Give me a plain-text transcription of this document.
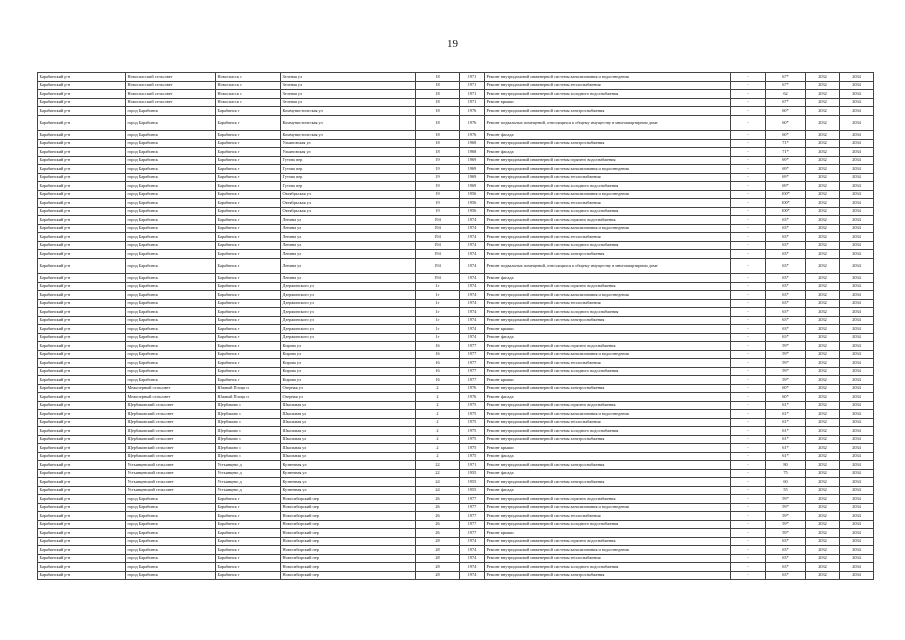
19
Барабинский р-н	Новоспасский сельсовет	Новоспасск с	Зеленая ул	18	1971	Ремонт внутридомовой инженерной системы канализования и водоотведения	-	67*	2032	2034
Барабинский р-н	Новоспасский сельсовет	Новоспасск с	Зеленая ул	18	1971	Ремонт внутридомовой инженерной системы теплоснабжения	-	67*	2032	2034
Барабинский р-н	Новоспасский сельсовет	Новоспасск с	Зеленая ул	18	1971	Ремонт внутридомовой инженерной системы холодного водоснабжения	-	62	2032	2034
Барабинский р-н	Новоспасский сельсовет	Новоспасск с	Зеленая ул	18	1971	Ремонт крыши	-	67*	2032	2034
Барабинский р-н	город Барабинск	Барабинск г	Коммунистическая ул	18	1976	Ремонт внутридомовой инженерной системы электроснабжения	-	60*	2032	2034
Барабинский р-н	город Барабинск	Барабинск г	Коммунистическая ул	18	1976	Ремонт подвальных помещений, относящихся к общему имуществу в многоквартирном доме	-	60*	2032	2034
Барабинский р-н	город Барабинск	Барабинск г	Коммунистическая ул	18	1976	Ремонт фасада	-	60*	2032	2034
Барабинский р-н	город Барабинск	Барабинск г	Ульяновская ул	18	1968	Ремонт внутридомовой инженерной системы электроснабжения	-	71*	2032	2034
Барабинский р-н	город Барабинск	Барабинск г	Ульяновская ул	18	1968	Ремонт фасада	-	71*	2032	2034
Барабинский р-н	город Барабинск	Барабинск г	Гутова пер	19	1969	Ремонт внутридомовой инженерной системы горячего водоснабжения	-	69*	2032	2034
Барабинский р-н	город Барабинск	Барабинск г	Гутова пер	19	1969	Ремонт внутридомовой инженерной системы канализования и водоотведения	-	69*	2032	2034
Барабинский р-н	город Барабинск	Барабинск г	Гутова пер	19	1969	Ремонт внутридомовой инженерной системы теплоснабжения	-	69*	2032	2034
Барабинский р-н	город Барабинск	Барабинск г	Гутова пер	19	1969	Ремонт внутридомовой инженерной системы холодного водоснабжения	-	69*	2032	2034
Барабинский р-н	город Барабинск	Барабинск г	Октябрьская ул	19	1956	Ремонт внутридомовой инженерной системы канализования и водоотведения	-	100*	2032	2034
Барабинский р-н	город Барабинск	Барабинск г	Октябрьская ул	19	1956	Ремонт внутридомовой инженерной системы теплоснабжения	-	100*	2032	2034
Барабинский р-н	город Барабинск	Барабинск г	Октябрьская ул	19	1956	Ремонт внутридомовой инженерной системы холодного водоснабжения	-	100*	2032	2034
Барабинский р-н	город Барабинск	Барабинск г	Ленина ул	194	1974	Ремонт внутридомовой инженерной системы горячего водоснабжения	-	63*	2032	2034
Барабинский р-н	город Барабинск	Барабинск г	Ленина ул	194	1974	Ремонт внутридомовой инженерной системы канализования и водоотведения	-	63*	2032	2034
Барабинский р-н	город Барабинск	Барабинск г	Ленина ул	194	1974	Ремонт внутридомовой инженерной системы теплоснабжения	-	63*	2032	2034
Барабинский р-н	город Барабинск	Барабинск г	Ленина ул	194	1974	Ремонт внутридомовой инженерной системы холодного водоснабжения	-	63*	2032	2034
Барабинский р-н	город Барабинск	Барабинск г	Ленина ул	194	1974	Ремонт внутридомовой инженерной системы электроснабжения	-	63*	2032	2034
Барабинский р-н	город Барабинск	Барабинск г	Ленина ул	194	1974	Ремонт подвальных помещений, относящихся к общему имуществу в многоквартирном доме	-	63*	2032	2034
Барабинский р-н	город Барабинск	Барабинск г	Ленина ул	194	1974	Ремонт фасада	-	63*	2032	2034
Барабинский р-н	город Барабинск	Барабинск г	Дзержинского ул	1г	1974	Ремонт внутридомовой инженерной системы горячего водоснабжения	-	63*	2032	2034
Барабинский р-н	город Барабинск	Барабинск г	Дзержинского ул	1г	1974	Ремонт внутридомовой инженерной системы канализования и водоотведения	-	63*	2032	2034
Барабинский р-н	город Барабинск	Барабинск г	Дзержинского ул	1г	1974	Ремонт внутридомовой инженерной системы теплоснабжения	-	63*	2032	2034
Барабинский р-н	город Барабинск	Барабинск г	Дзержинского ул	1г	1974	Ремонт внутридомовой инженерной системы холодного водоснабжения	-	63*	2032	2034
Барабинский р-н	город Барабинск	Барабинск г	Дзержинского ул	1г	1974	Ремонт внутридомовой инженерной системы электроснабжения	-	63*	2032	2034
Барабинский р-н	город Барабинск	Барабинск г	Дзержинского ул	1г	1974	Ремонт крыши	-	63*	2032	2034
Барабинский р-н	город Барабинск	Барабинск г	Дзержинского ул	1г	1974	Ремонт фасада	-	63*	2032	2034
Барабинский р-н	город Барабинск	Барабинск г	Кирова ул	16	1977	Ремонт внутридомовой инженерной системы горячего водоснабжения	-	59*	2032	2034
Барабинский р-н	город Барабинск	Барабинск г	Кирова ул	16	1977	Ремонт внутридомовой инженерной системы канализования и водоотведения	-	59*	2032	2034
Барабинский р-н	город Барабинск	Барабинск г	Кирова ул	16	1977	Ремонт внутридомовой инженерной системы теплоснабжения	-	59*	2032	2034
Барабинский р-н	город Барабинск	Барабинск г	Кирова ул	16	1977	Ремонт внутридомовой инженерной системы холодного водоснабжения	-	59*	2032	2034
Барабинский р-н	город Барабинск	Барабинск г	Кирова ул	16	1977	Ремонт крыши	-	59*	2032	2034
Барабинский р-н	Межозерный сельсовет	Южный Плоцк п	Озерная ул	2	1976	Ремонт внутридомовой инженерной системы электроснабжения	-	60*	2032	2034
Барабинский р-н	Межозерный сельсовет	Южный Плоцк п	Озерная ул	2	1976	Ремонт фасада	-	60*	2032	2034
Барабинский р-н	Щербаковский сельсовет	Щербаково с	Школьная ул	2	1975	Ремонт внутридомовой инженерной системы горячего водоснабжения	-	61*	2032	2034
Барабинский р-н	Щербаковский сельсовет	Щербаково с	Школьная ул	2	1975	Ремонт внутридомовой инженерной системы канализования и водоотведения	-	61*	2032	2034
Барабинский р-н	Щербаковский сельсовет	Щербаково с	Школьная ул	2	1975	Ремонт внутридомовой инженерной системы теплоснабжения	-	61*	2032	2034
Барабинский р-н	Щербаковский сельсовет	Щербаково с	Школьная ул	2	1975	Ремонт внутридомовой инженерной системы холодного водоснабжения	-	61*	2032	2034
Барабинский р-н	Щербаковский сельсовет	Щербаково с	Школьная ул	2	1975	Ремонт внутридомовой инженерной системы электроснабжения	-	61*	2032	2034
Барабинский р-н	Щербаковский сельсовет	Щербаково с	Школьная ул	2	1975	Ремонт крыши	-	61*	2032	2034
Барабинский р-н	Щербаковский сельсовет	Щербаково с	Школьная ул	2	1975	Ремонт фасада	-	61*	2032	2034
Барабинский р-н	Устьянцевский сельсовет	Устьянцево д	Кузнечная ул	22	1971	Ремонт внутридомовой инженерной системы электроснабжения	-	80	2032	2034
Барабинский р-н	Устьянцевский сельсовет	Устьянцево д	Кузнечная ул	22	1955	Ремонт фасада	-	75	2032	2034
Барабинский р-н	Устьянцевский сельсовет	Устьянцево д	Кузнечная ул	24	1955	Ремонт внутридомовой инженерной системы электроснабжения	-	60	2032	2034
Барабинский р-н	Устьянцевский сельсовет	Устьянцево д	Кузнечная ул	24	1955	Ремонт фасада	-	55	2032	2034
Барабинский р-н	город Барабинск	Барабинск г	Новосибирский пер	26	1977	Ремонт внутридомовой инженерной системы горячего водоснабжения	-	59*	2032	2034
Барабинский р-н	город Барабинск	Барабинск г	Новосибирский пер	26	1977	Ремонт внутридомовой инженерной системы канализования и водоотведения	-	59*	2032	2034
Барабинский р-н	город Барабинск	Барабинск г	Новосибирский пер	26	1977	Ремонт внутридомовой инженерной системы теплоснабжения	-	59*	2032	2034
Барабинский р-н	город Барабинск	Барабинск г	Новосибирский пер	26	1977	Ремонт внутридомовой инженерной системы холодного водоснабжения	-	59*	2032	2034
Барабинский р-н	город Барабинск	Барабинск г	Новосибирский пер	26	1977	Ремонт крыши	-	59*	2032	2034
Барабинский р-н	город Барабинск	Барабинск г	Новосибирский пер	28	1974	Ремонт внутридомовой инженерной системы горячего водоснабжения	-	63*	2032	2034
Барабинский р-н	город Барабинск	Барабинск г	Новосибирский пер	28	1974	Ремонт внутридомовой инженерной системы канализования и водоотведения	-	63*	2032	2034
Барабинский р-н	город Барабинск	Барабинск г	Новосибирский пер	28	1974	Ремонт внутридомовой инженерной системы теплоснабжения	-	63*	2032	2034
Барабинский р-н	город Барабинск	Барабинск г	Новосибирский пер	28	1974	Ремонт внутридомовой инженерной системы холодного водоснабжения	-	63*	2032	2034
Барабинский р-н	город Барабинск	Барабинск г	Новосибирский пер	28	1974	Ремонт внутридомовой инженерной системы электроснабжения	-	63*	2032	2034
